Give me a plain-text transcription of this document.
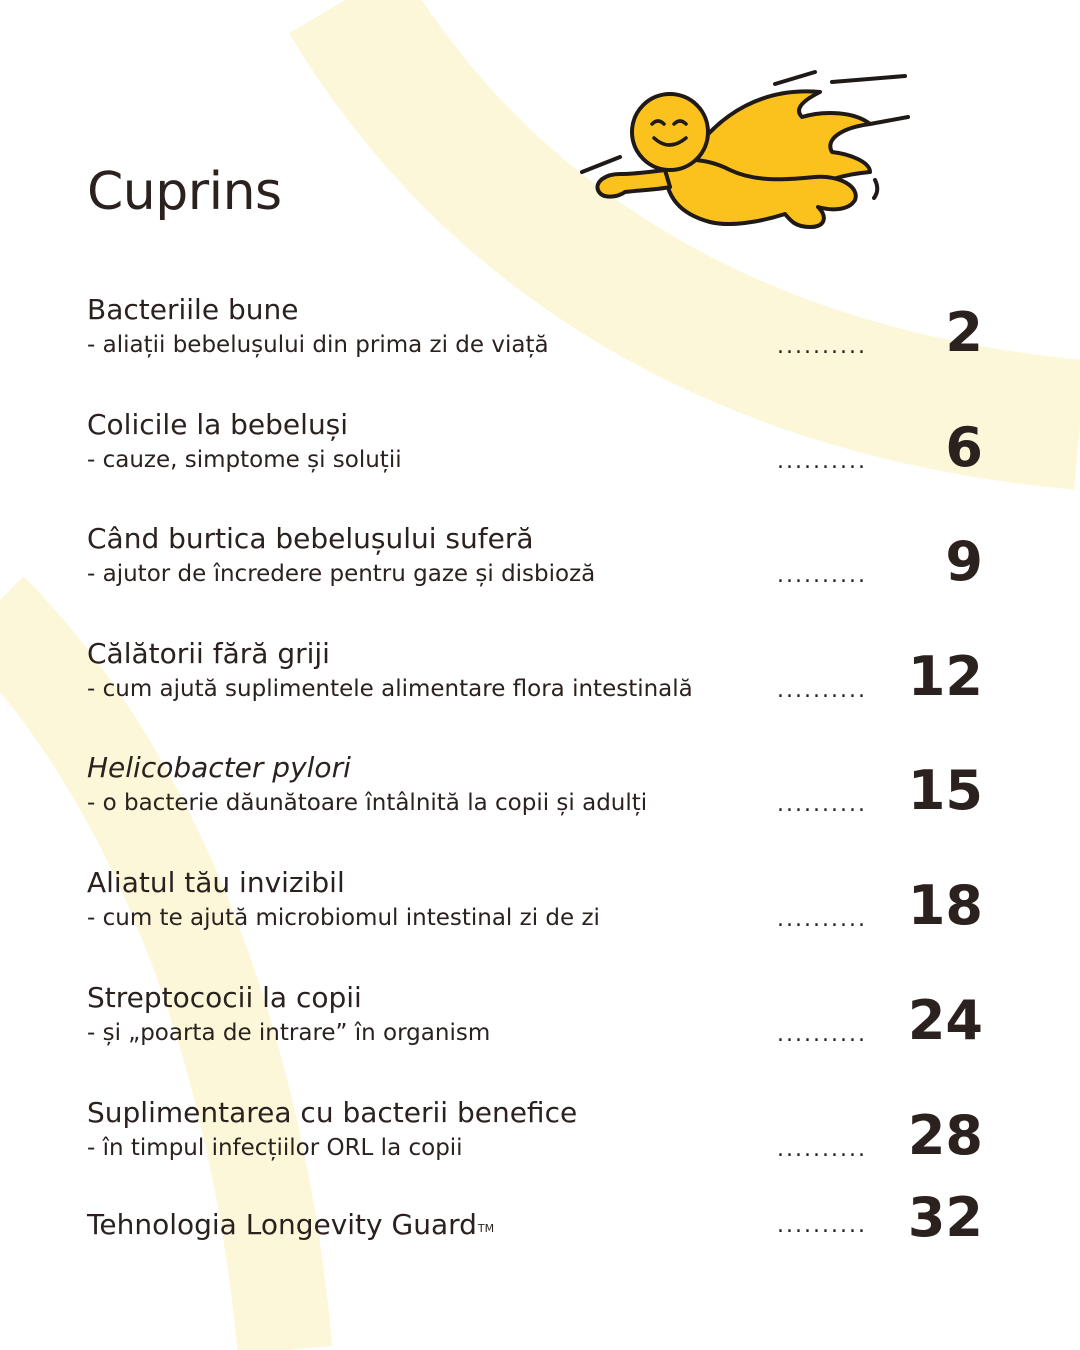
Cuprins
Bacteriile bune
- aliații bebelușului din prima zi de viață	.......... 2
Colicile la bebeluși
- cauze, simptome și soluții	.......... 6
Când burtica bebelușului suferă
- ajutor de încredere pentru gaze și disbioză	.......... 9
Călătorii fără griji
- cum ajută suplimentele alimentare flora intestinală	.......... 12
Helicobacter pylori
- o bacterie dăunătoare întâlnită la copii și adulți	.......... 15
Aliatul tău invizibil
- cum te ajută microbiomul intestinal zi de zi	.......... 18
Streptococii la copii
- și „poarta de intrare” în organism	.......... 24
Suplimentarea cu bacterii benefice
- în timpul infecțiilor ORL la copii	.......... 28
Tehnologia Longevity Guard™	.......... 32
